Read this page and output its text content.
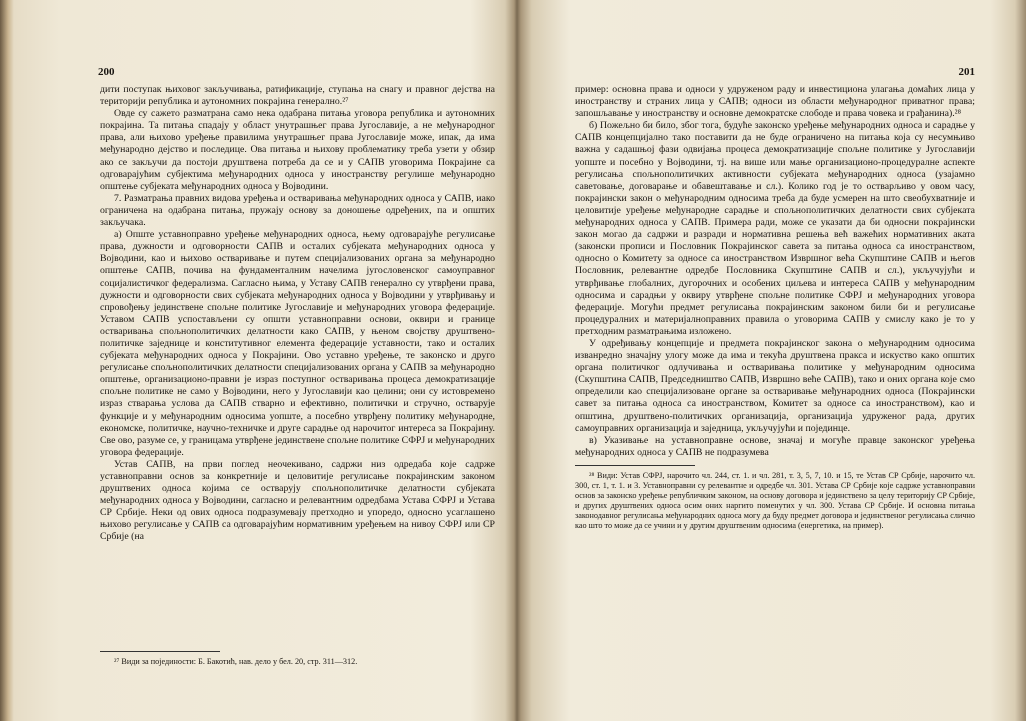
200

дити поступак њиховог закључивања, ратификације, ступања на снагу и правног дејства на територији република и аутономних покрајина генерално.²⁷

Овде су сажето разматрана само нека одабрана питања уговора република и аутономних покрајина. Та питања спадају у област унутрашњег права Југославије, а не међународног права, али њихово уређење правилима унутрашњег права Југославије може, ипак, да има међународно дејство и последице. Ова питања и њихову проблематику треба узети у обзир ако се закључи да постоји друштвена потреба да се и у САПВ уговорима Покрајине са одговарајућим субјектима међународних односа у иностранству регулише међународно општење субјеката међународних односа у Војводини.

7. Разматрања правних видова уређења и остваривања међународних односа у САПВ, иако ограничена на одабрана питања, пружају основу за доношење одређених, па и општих закључака.

а) Опште уставноправно уређење међународних односа, њему одговарајуће регулисање права, дужности и одговорности САПВ и осталих субјеката међународних односа у Војводини, као и њихово остваривање и путем специјализованих органа за међународно општење САПВ, почива на фундаменталним начелима југословенског самоуправног социјалистичког федерализма. Сагласно њима, у Уставу САПВ генерално су утврђени права, дужности и одговорности свих субјеката међународних односа у Војводини у утврђивању и спровођењу јединствене спољне политике Југославије и међународних уговора федерације. Уставом САПВ успостављени су општи уставноправни основи, оквири и границе остваривања спољнополитичких делатности како САПВ, у њеном својству друштвено-политичке заједнице и конститутивног елемента федерације уставности, тако и осталих субјеката међународних односа у Покрајини. Ово уставно уређење, те законско и друго регулисање спољнополитичких делатности специјализованих органа у САПВ за међународно општење, организационо-правни је израз поступног остваривања процеса демократизације спољне политике не само у Војводини, него у Југославији као целини; они су истовремено израз стварања услова да САПВ стварно и ефективно, политички и стручно, остварује функције и у међународним односима уопште, а посебно утврђену политику међународне, економске, политичке, научно-техничке и друге сарадње од нарочитог интереса за Покрајину. Све ово, разуме се, у границама утврђене јединствене спољне политике СФРЈ и међународних уговора федерације.

Устав САПВ, на први поглед неочекивано, садржи низ одредаба које садрже уставноправни основ за конкретније и целовитије регулисање покрајинским законом друштвених односа којима се остварују спољнополитичке делатности субјеката међународних односа у Војводини, сагласно и релевантним одредбама Устава СФРЈ и Устава СР Србије. Неки од ових односа подразумевају претходно и упоредо, односно усаглашено њихово регулисање у САПВ са одговарајућим нормативним уређењем на нивоу СФРЈ или СР Србије (на

²⁷ Види за појединости: Б. Бакотић, нав. дело у бел. 20, стр. 311—312.
201

пример: основна права и односи у удруженом раду и инвестициона улагања домаћих лица у иностранству и страних лица у САПВ; односи из области међународног приватног права; запошљавање у иностранству и основне демократске слободе и права човека и грађанина).²⁸

б) Пожељно би било, због тога, будуће законско уређење међународних односа и сарадње у САПВ концепцијално тако поставити да не буде ограничено на питања која су несумњиво важна у садашњој фази одвијања процеса демократизације спољне политике у Југославији уопште и посебно у Војводини, тј. на више или мање организационо-процедуралне аспекте регулисања спољнополитичких активности субјеката међународних односа (узајамно саветовање, договарање и обавештавање и сл.). Колико год је то остварљиво у овом часу, покрајински закон о међународним односима треба да буде усмерен на што свеобухватније и целовитије уређење међународне сарадње и спољнополитичких делатности свих субјеката међународних односа у САПВ. Примера ради, може се указати да би односни покрајински закон могао да садржи и разради и нормативна решења већ важећих нормативних аката (законски прописи и Пословник Покрајинског савета за питања односа са иностранством, односно о Комитету за односе са иностранством Извршног већа Скупштине САПВ и његов Пословник, релевантне одредбе Пословника Скупштине САПВ и сл.), укључујући и утврђивање глобалних, дугорочних и особених циљева и интереса САПВ у међународним односима и сарадњи у оквиру утврђене спољне политике СФРЈ и међународних уговора федерације. Могући предмет регулисања покрајинским законом били би и регулисање процедуралних и материјалноправних правила о уговорима САПВ у смислу како је то у претходним разматрањима изложено.

У одређивању концепције и предмета покрајинског закона о међународним односима изванредно значајну улогу може да има и текућа друштвена пракса и искуство како општих органа политичког одлучивања и остваривања политике у међународним односима (Скупштина САПВ, Председништво САПВ, Извршно веће САПВ), тако и оних органа које смо определили као специјализоване органе за остваривање међународних односа (Покрајински савет за питања односа са иностранством, Комитет за односе са иностранством), као и општина, друштвено-политичких организација, организација удруженог рада, других самоуправних организација и заједница, укључујући и појединце.

в) Указивање на уставноправне основе, значај и могуће правце законског уређења међународних односа у САПВ не подразумева

²⁸ Види: Устав СФРЈ, нарочито чл. 244, ст. 1. и чл. 281, т. 3, 5, 7, 10. и 15, те Устав СР Србије, нарочито чл. 300, ст. 1, т. 1. и 3. Уставноправни су релевантне и одредбе чл. 301. Устава СР Србије које садрже уставноправни основ за законско уређење републичким законом, на основу договора и јединствено за целу територију СР Србије, и других друштвених односа осим оних наргито поменутих у чл. 300. Устава СР Србије. И основна питања законодавног регулисања међународних односа могу да буду предмет договора и јединственог регулисања слично као што то може да се учини и у другим друштвеним односима (енергетика, на пример).
